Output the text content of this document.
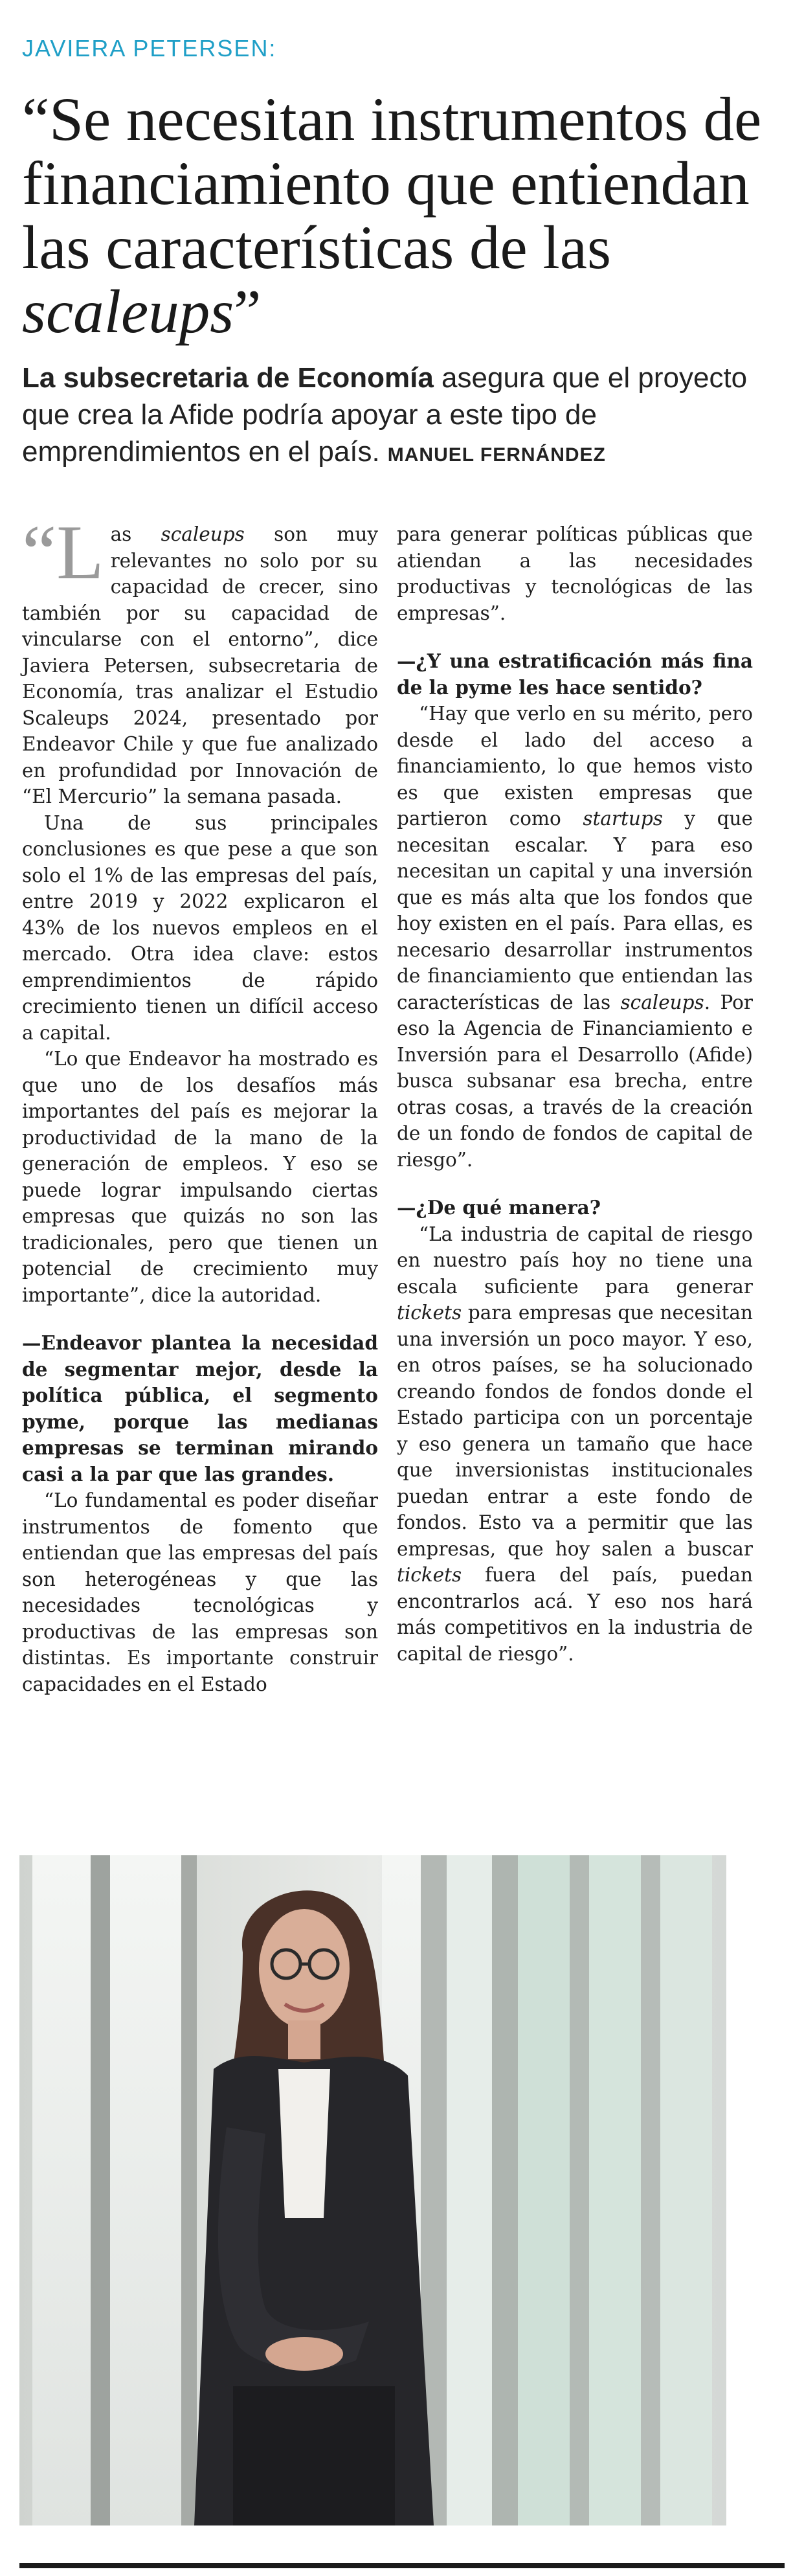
JAVIERA PETERSEN:
“Se necesitan instrumentos de financiamiento que entiendan las características de las scaleups”
La subsecretaria de Economía asegura que el proyecto que crea la Afide podría apoyar a este tipo de emprendimientos en el país. MANUEL FERNÁNDEZ

“Las scaleups son muy relevantes no solo por su capacidad de crecer, sino también por su capacidad de vincularse con el entorno”, dice Javiera Petersen, subsecretaria de Economía, tras analizar el Estudio Scaleups 2024, presentado por Endeavor Chile y que fue analizado en profundidad por Innovación de “El Mercurio” la semana pasada.

Una de sus principales conclusiones es que pese a que son solo el 1% de las empresas del país, entre 2019 y 2022 explicaron el 43% de los nuevos empleos en el mercado. Otra idea clave: estos emprendimientos de rápido crecimiento tienen un difícil acceso a capital.

“Lo que Endeavor ha mostrado es que uno de los desafíos más importantes del país es mejorar la productividad de la mano de la generación de empleos. Y eso se puede lograr impulsando ciertas empresas que quizás no son las tradicionales, pero que tienen un potencial de crecimiento muy importante”, dice la autoridad.

—Endeavor plantea la necesidad de segmentar mejor, desde la política pública, el segmento pyme, porque las medianas empresas se terminan mirando casi a la par que las grandes.

“Lo fundamental es poder diseñar instrumentos de fomento que entiendan que las empresas del país son heterogéneas y que las necesidades tecnológicas y productivas de las empresas son distintas. Es importante construir capacidades en el Estado

para generar políticas públicas que atiendan a las necesidades productivas y tecnológicas de las empresas”.

—¿Y una estratificación más fina de la pyme les hace sentido?

“Hay que verlo en su mérito, pero desde el lado del acceso a financiamiento, lo que hemos visto es que existen empresas que partieron como startups y que necesitan escalar. Y para eso necesitan un capital y una inversión que es más alta que los fondos que hoy existen en el país. Para ellas, es necesario desarrollar instrumentos de financiamiento que entiendan las características de las scaleups. Por eso la Agencia de Financiamiento e Inversión para el Desarrollo (Afide) busca subsanar esa brecha, entre otras cosas, a través de la creación de un fondo de fondos de capital de riesgo”.

—¿De qué manera?

“La industria de capital de riesgo en nuestro país hoy no tiene una escala suficiente para generar tickets para empresas que necesitan una inversión un poco mayor. Y eso, en otros países, se ha solucionado creando fondos de fondos donde el Estado participa con un porcentaje y eso genera un tamaño que hace que inversionistas institucionales puedan entrar a este fondo de fondos. Esto va a permitir que las empresas, que hoy salen a buscar tickets fuera del país, puedan encontrarlos acá. Y eso nos hará más competitivos en la industria de capital de riesgo”.
